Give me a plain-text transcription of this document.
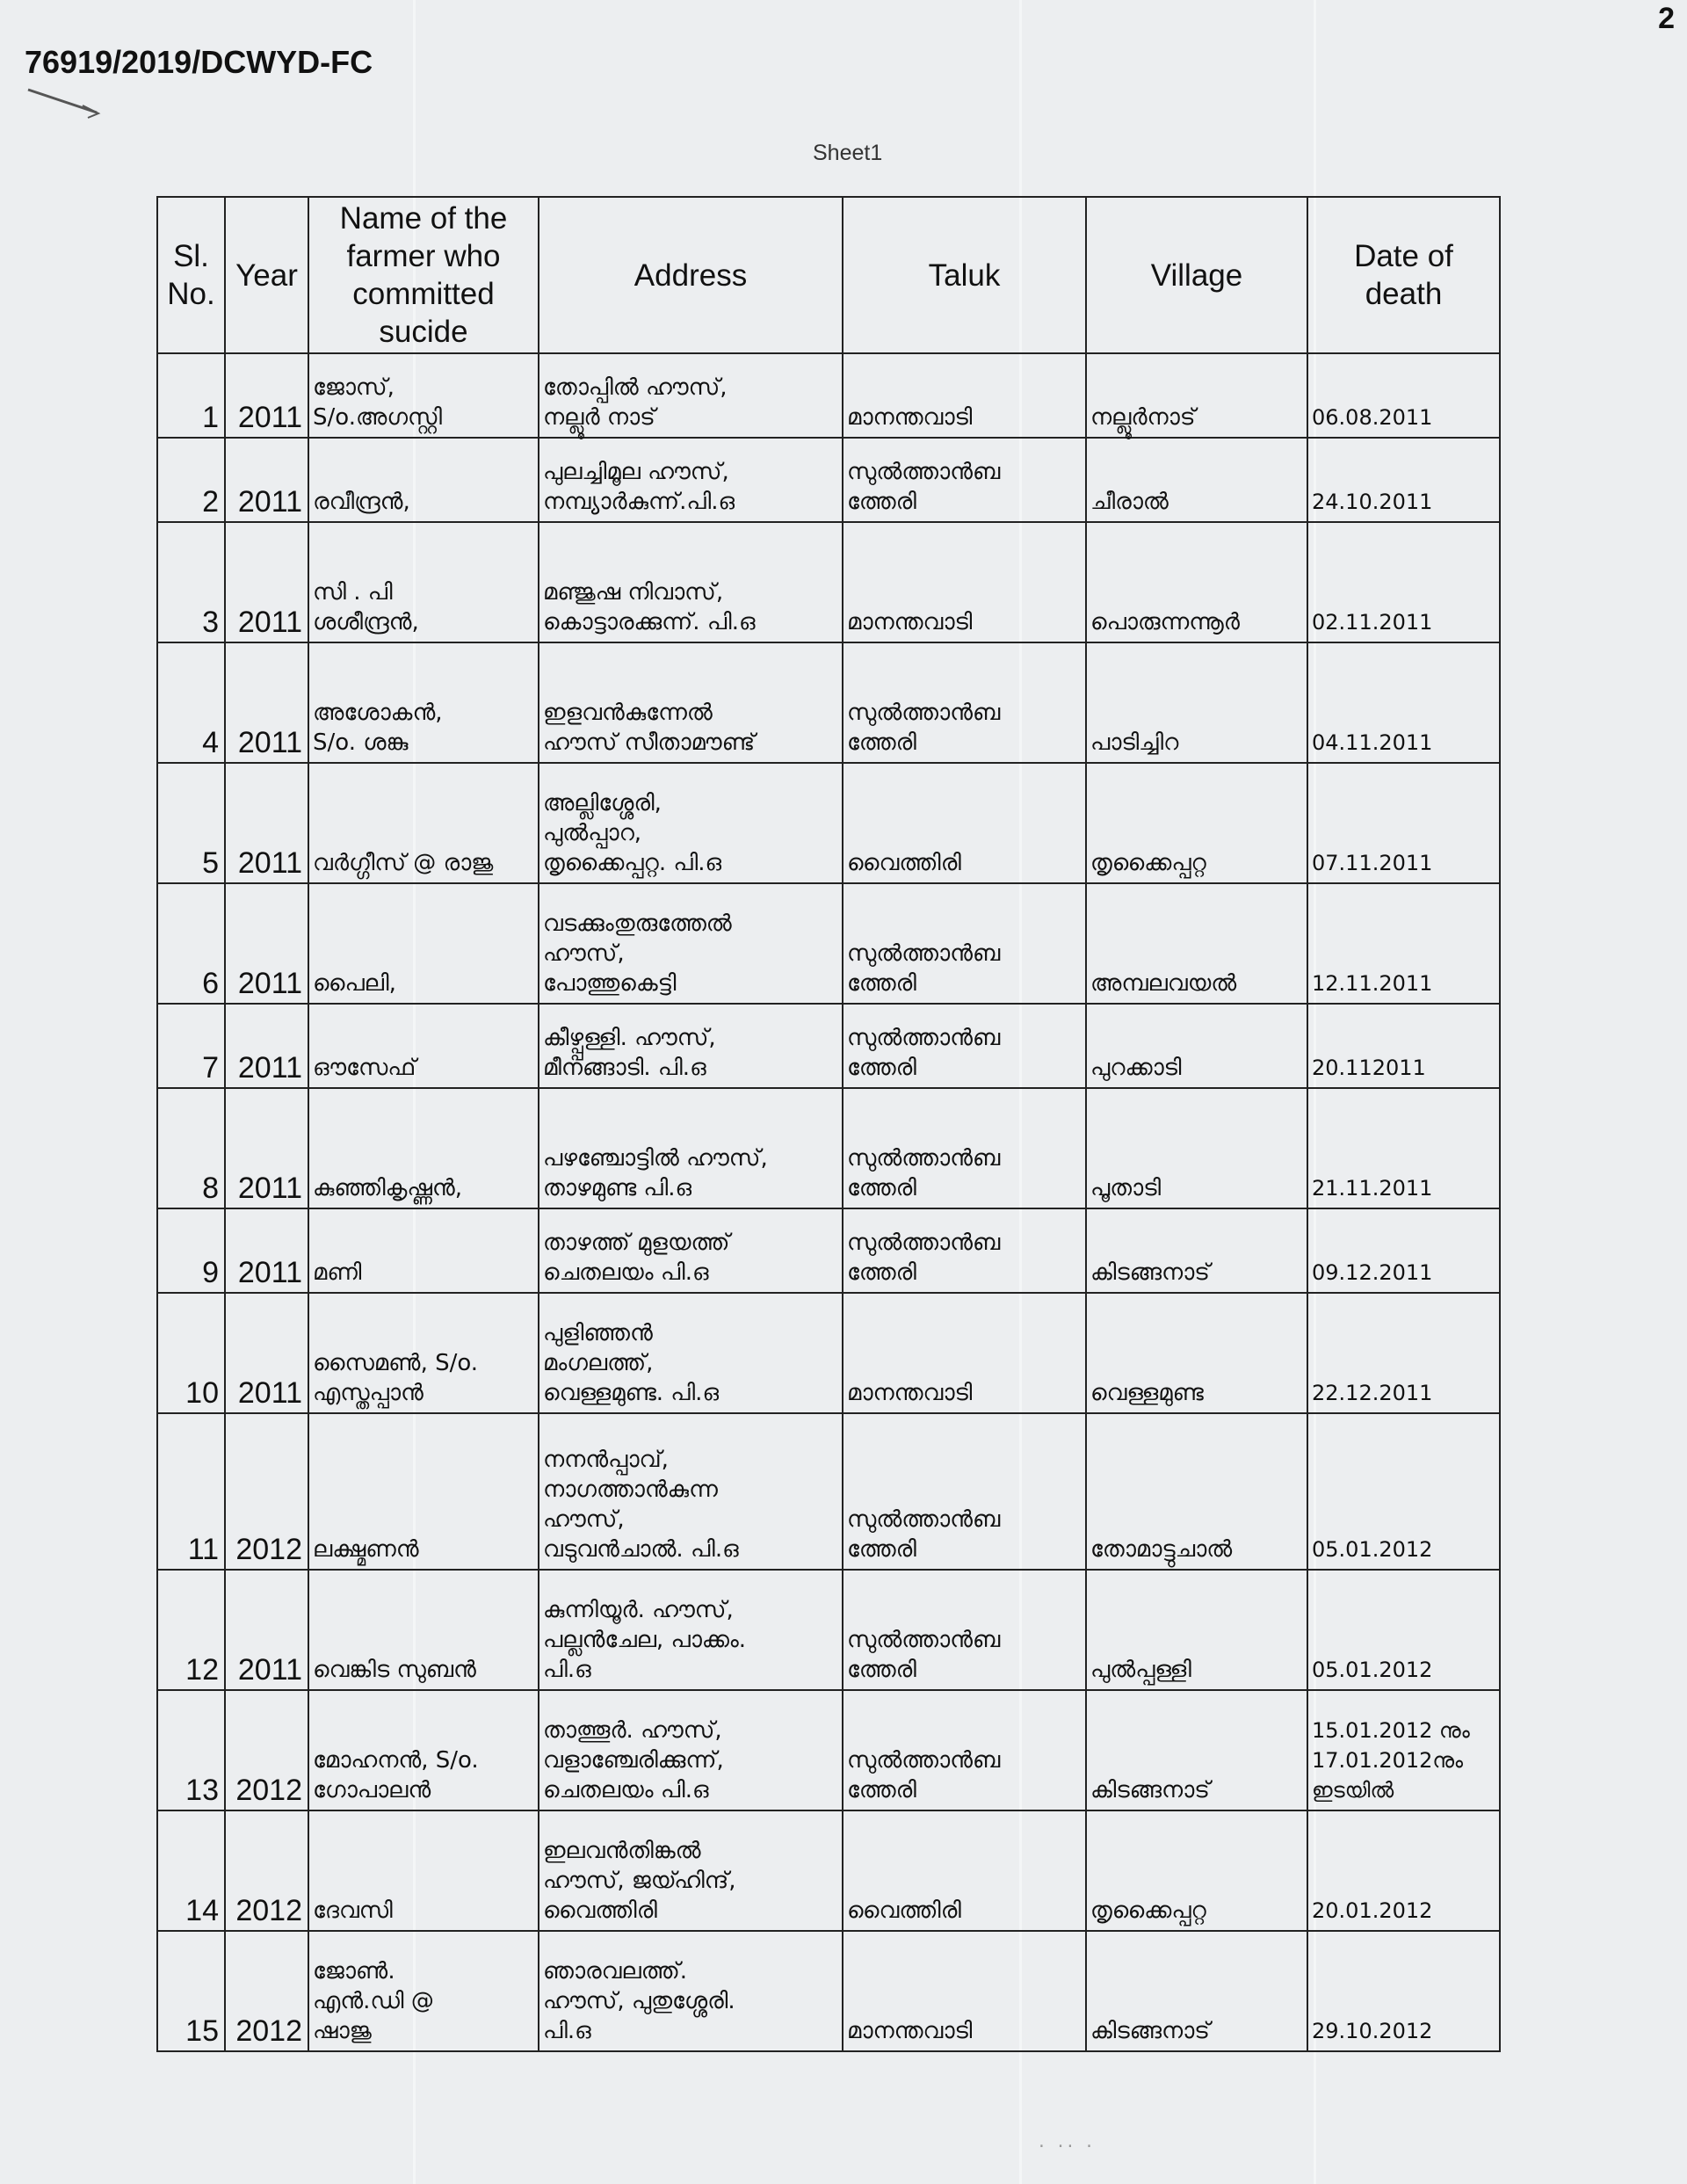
2
76919/2019/DCWYD-FC
Sheet1
Sl. No.	Year	Name of the farmer who committed sucide	Address	Taluk	Village	Date of death
1	2011	ജോസ്,
S/o.അഗസ്റ്റി	തോപ്പിൽ ഹൗസ്,
നല്ലൂർ നാട്	മാനന്തവാടി	നല്ലൂർനാട്	06.08.2011
2	2011	രവീന്ദ്രൻ,	പുലച്ചിമൂല ഹൗസ്,
നമ്പ്യാർകുന്ന്.പി.ഒ	സുൽത്താൻബ
ത്തേരി	ചീരാൽ	24.10.2011
3	2011	സി . പി
ശശീന്ദ്രൻ,	മഞ്ജുഷ നിവാസ്,
കൊട്ടാരക്കുന്ന്. പി.ഒ	മാനന്തവാടി	പൊരുന്നന്നൂർ	02.11.2011
4	2011	അശോകൻ,
S/o. ശങ്കു	ഇളവൻകുന്നേൽ
ഹൗസ് സീതാമൗണ്ട്	സുൽത്താൻബ
ത്തേരി	പാടിച്ചിറ	04.11.2011
5	2011	വർഗ്ഗീസ് @ രാജു	അല്ലിശ്ശേരി,
പുൽപ്പാറ,
തൃക്കൈപ്പറ്റ. പി.ഒ	വൈത്തിരി	തൃക്കൈപ്പറ്റ	07.11.2011
6	2011	പൈലി,	വടക്കുംതുരുത്തേൽ
ഹൗസ്,
പോത്തുകെട്ടി	സുൽത്താൻബ
ത്തേരി	അമ്പലവയൽ	12.11.2011
7	2011	ഔസേഫ്	കീഴ്പ്പള്ളി. ഹൗസ്,
മീനങ്ങാടി. പി.ഒ	സുൽത്താൻബ
ത്തേരി	പുറക്കാടി	20.112011
8	2011	കുഞ്ഞികൃഷ്ണൻ,	പഴഞ്ചോട്ടിൽ ഹൗസ്,
താഴമുണ്ട പി.ഒ	സുൽത്താൻബ
ത്തേരി	പൂതാടി	21.11.2011
9	2011	മണി	താഴത്ത് മുളയത്ത്
ചെതലയം പി.ഒ	സുൽത്താൻബ
ത്തേരി	കിടങ്ങനാട്	09.12.2011
10	2011	സൈമൺ, S/o.
എസ്തപ്പാൻ	പുളിഞ്ഞൻ
മംഗലത്ത്,
വെള്ളമുണ്ട. പി.ഒ	മാനന്തവാടി	വെള്ളമുണ്ട	22.12.2011
11	2012	ലക്ഷ്മണൻ	നനൻപ്പാവ്,
നാഗത്താൻകുന്ന
ഹൗസ്,
വടുവൻചാൽ. പി.ഒ	സുൽത്താൻബ
ത്തേരി	തോമാട്ടുചാൽ	05.01.2012
12	2011	വെങ്കിട സുബൻ	കുന്നിയൂർ. ഹൗസ്,
പല്ലൻചേല, പാക്കം.
പി.ഒ	സുൽത്താൻബ
ത്തേരി	പുൽപ്പള്ളി	05.01.2012
13	2012	മോഹനൻ, S/o.
ഗോപാലൻ	താത്തൂർ. ഹൗസ്,
വളാഞ്ചേരിക്കുന്ന്,
ചെതലയം പി.ഒ	സുൽത്താൻബ
ത്തേരി	കിടങ്ങനാട്	15.01.2012 നും
17.01.2012നും
ഇടയിൽ
14	2012	ദേവസി	ഇലവൻതിങ്കൽ
ഹൗസ്, ജയ്ഹിന്ദ്,
വൈത്തിരി	വൈത്തിരി	തൃക്കൈപ്പറ്റ	20.01.2012
15	2012	ജോൺ.
എൻ.ഡി @
ഷാജു	ഞാരവലത്ത്.
ഹൗസ്, പുതുശ്ശേരി.
പി.ഒ	മാനന്തവാടി	കിടങ്ങനാട്	29.10.2012
· ·· ·
